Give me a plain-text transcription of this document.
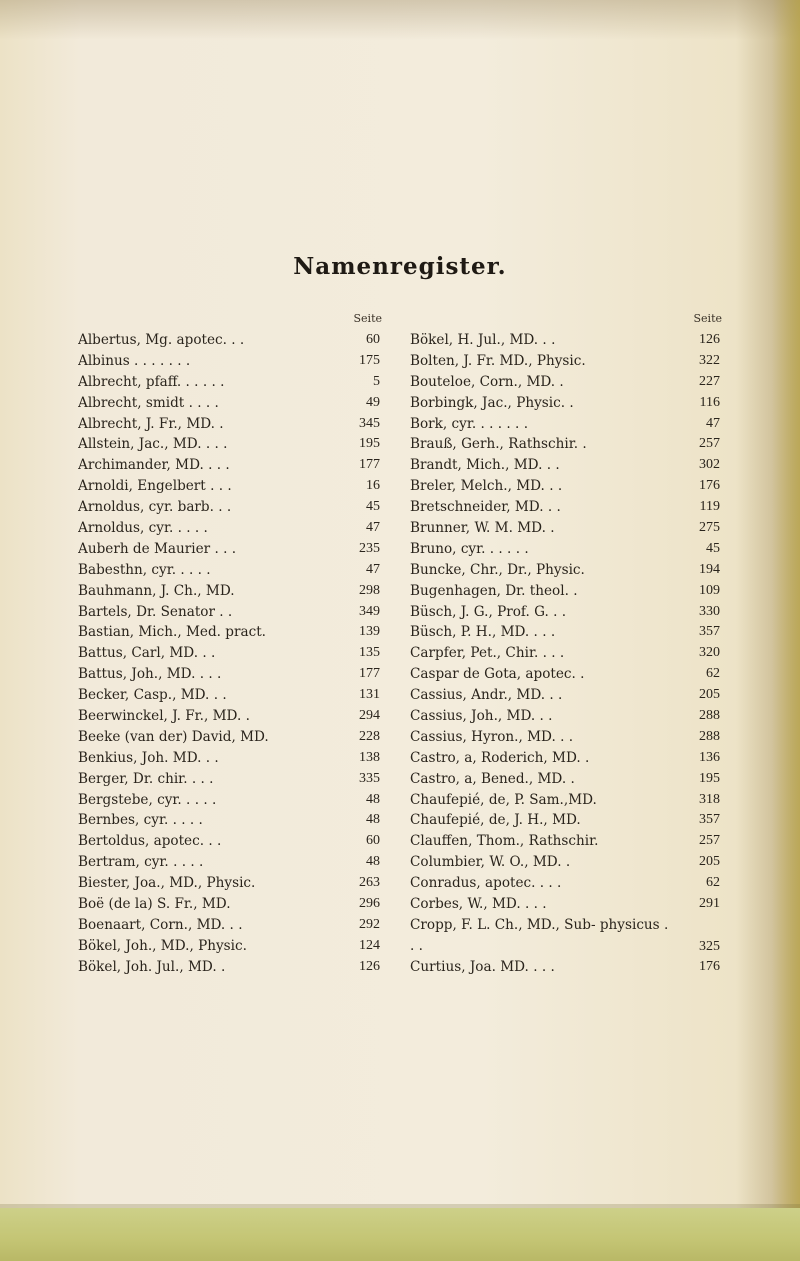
Namenregister.
Seite
Albertus, Mg. apotec. . .	60
Albinus . . . . . . .	175
Albrecht, pfaff. . . . . .	5
Albrecht, smidt . . . .	49
Albrecht, J. Fr., MD. .	345
Allstein, Jac., MD. . . .	195
Archimander, MD. . . .	177
Arnoldi, Engelbert . . .	16
Arnoldus, cyr. barb. . .	45
Arnoldus, cyr. . . . .	47
Auberh de Maurier . . .	235
Babesthn, cyr. . . . .	47
Bauhmann, J. Ch., MD.	298
Bartels, Dr. Senator . .	349
Bastian, Mich., Med. pract.	139
Battus, Carl, MD. . .	135
Battus, Joh., MD. . . .	177
Becker, Casp., MD. . .	131
Beerwinckel, J. Fr., MD. .	294
Beeke (van der) David, MD.	228
Benkius, Joh. MD. . .	138
Berger, Dr. chir. . . .	335
Bergstebe, cyr. . . . .	48
Bernbes, cyr. . . . .	48
Bertoldus, apotec. . .	60
Bertram, cyr. . . . .	48
Biester, Joa., MD., Physic.	263
Boë (de la) S. Fr., MD.	296
Boenaart, Corn., MD. . .	292
Bökel, Joh., MD., Physic.	124
Bökel, Joh. Jul., MD. .	126
Seite
Bökel, H. Jul., MD. . .	126
Bolten, J. Fr. MD., Physic.	322
Bouteloe, Corn., MD. .	227
Borbingk, Jac., Physic. .	116
Bork, cyr. . . . . . .	47
Brauß, Gerh., Rathschir. .	257
Brandt, Mich., MD. . .	302
Breler, Melch., MD. . .	176
Bretschneider, MD. . .	119
Brunner, W. M. MD. .	275
Bruno, cyr. . . . . .	45
Buncke, Chr., Dr., Physic.	194
Bugenhagen, Dr. theol. .	109
Büsch, J. G., Prof. G. . .	330
Büsch, P. H., MD. . . .	357
Carpfer, Pet., Chir. . . .	320
Caspar de Gota, apotec. .	62
Cassius, Andr., MD. . .	205
Cassius, Joh., MD. . .	288
Cassius, Hyron., MD. . .	288
Castro, a, Roderich, MD. .	136
Castro, a, Bened., MD. .	195
Chaufepié, de, P. Sam.,MD.	318
Chaufepié, de, J. H., MD.	357
Clauffen, Thom., Rathschir.	257
Columbier, W. O., MD. .	205
Conradus, apotec. . . .	62
Corbes, W., MD. . . .	291
Cropp, F. L. Ch., MD., Sub- physicus . . .	325
Curtius, Joa. MD. . . .	176
